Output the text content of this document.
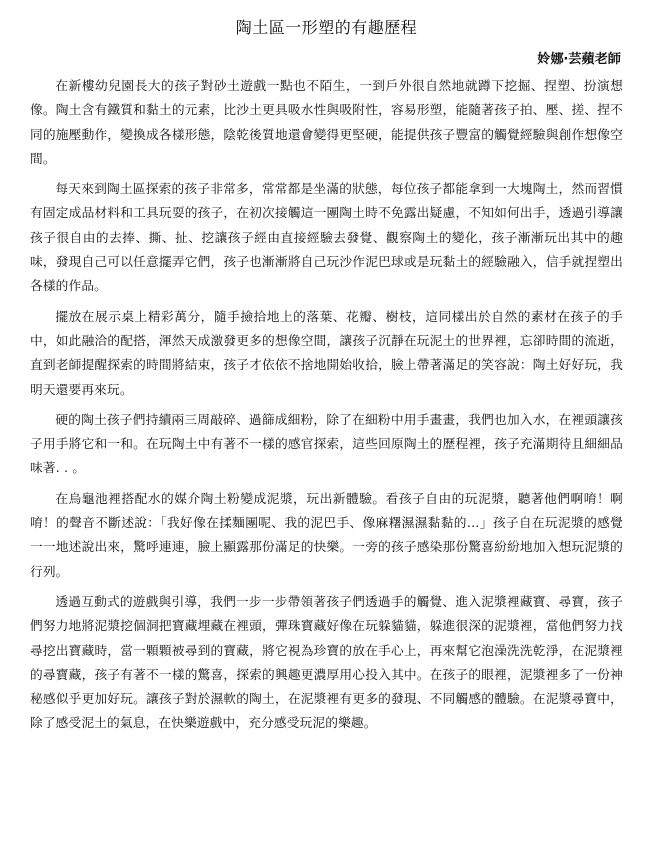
陶土區一形塑的有趣歷程
姈娜‧芸蘋老師

在新樓幼兒園長大的孩子對砂土遊戲一點也不陌生，一到戶外很自然地就蹲下挖掘、捏塑、扮演想像。陶土含有鐵質和黏土的元素，比沙土更具吸水性與吸附性，容易形塑，能隨著孩子拍、壓、搓、捏不同的施壓動作，變換成各樣形態，陰乾後質地還會變得更堅硬，能提供孩子豐富的觸覺經驗與創作想像空間。

每天來到陶土區探索的孩子非常多，常常都是坐滿的狀態，每位孩子都能拿到一大塊陶土，然而習慣有固定成品材料和工具玩耍的孩子，在初次接觸這一團陶土時不免露出疑慮，不知如何出手，透過引導讓孩子很自由的去捧、撕、扯、挖讓孩子經由直接經驗去發覺、觀察陶土的變化，孩子漸漸玩出其中的趣味，發現自己可以任意擺弄它們，孩子也漸漸將自己玩沙作泥巴球或是玩黏土的經驗融入，信手就捏塑出各樣的作品。

擺放在展示桌上精彩萬分，隨手撿拾地上的落葉、花瓣、樹枝，這同樣出於自然的素材在孩子的手中，如此融洽的配搭，渾然天成激發更多的想像空間，讓孩子沉靜在玩泥土的世界裡，忘卻時間的流逝，直到老師提醒探索的時間將結束，孩子才依依不捨地開始收拾，臉上帶著滿足的笑容說：陶土好好玩，我明天還要再來玩。

硬的陶土孩子們持續兩三周敲碎、過篩成細粉，除了在細粉中用手畫畫，我們也加入水，在裡頭讓孩子用手將它和一和。在玩陶土中有著不一樣的感官探索，這些回原陶土的歷程裡，孩子充滿期待且細細品味著. . 。

在烏龜池裡搭配水的媒介陶土粉變成泥漿，玩出新體驗。看孩子自由的玩泥漿，聽著他們啊唷！啊唷！的聲音不斷述說：「我好像在揉麵團呢、我的泥巴手、像麻糬濕濕黏黏的…」孩子自在玩泥漿的感覺一一地述說出來，驚呼連連，臉上顯露那份滿足的快樂。一旁的孩子感染那份驚喜紛紛地加入想玩泥漿的行列。

透過互動式的遊戲與引導，我們一步一步帶領著孩子們透過手的觸覺、進入泥漿裡藏寶、尋寶，孩子們努力地將泥漿挖個洞把寶藏埋藏在裡頭，彈珠寶藏好像在玩躲貓貓，躲進很深的泥漿裡，當他們努力找尋挖出寶藏時，當一顆顆被尋到的寶藏，將它視為珍寶的放在手心上，再來幫它泡澡洗洗乾淨，在泥漿裡的尋寶藏，孩子有著不一樣的驚喜，探索的興趣更濃厚用心投入其中。在孩子的眼裡，泥漿裡多了一份神秘感似乎更加好玩。讓孩子對於濕軟的陶土，在泥漿裡有更多的發現、不同觸感的體驗。在泥漿尋寶中，除了感受泥土的氣息，在快樂遊戲中，充分感受玩泥的樂趣。
